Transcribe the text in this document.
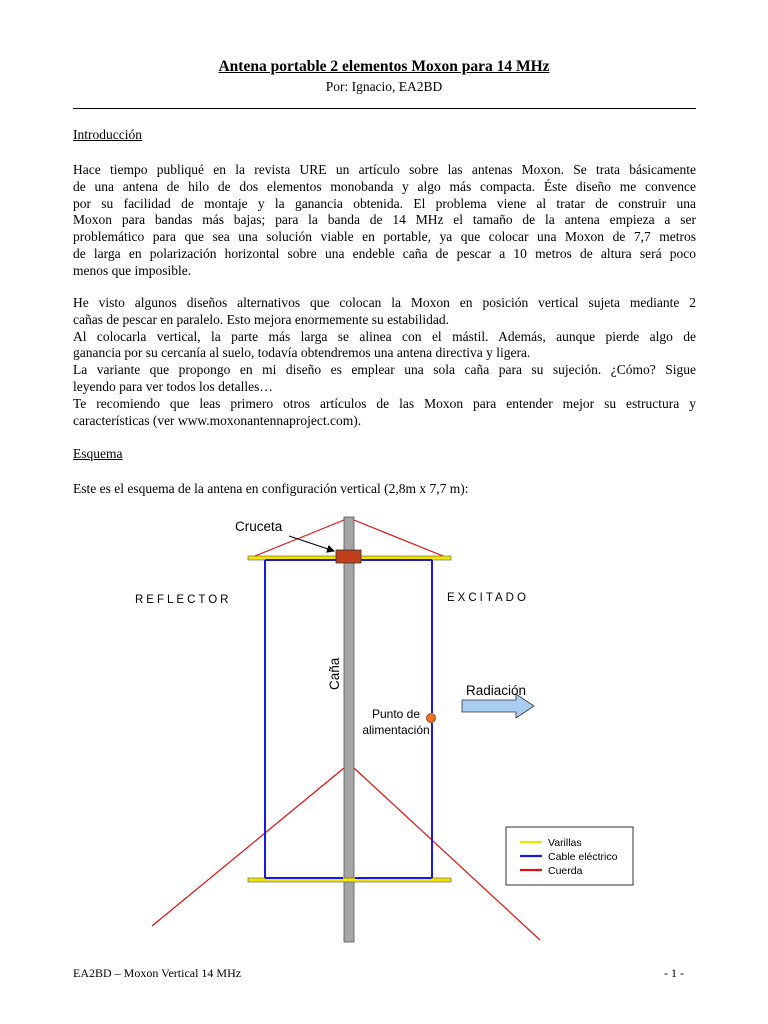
Antena portable 2 elementos Moxon para 14 MHz
Por: Ignacio, EA2BD
Introducción
Hace tiempo publiqué en la revista URE un artículo sobre las antenas Moxon. Se trata básicamente
de una antena de hilo de dos elementos monobanda y algo más compacta. Éste diseño me convence
por su facilidad de montaje y la ganancia obtenida. El problema viene al tratar de construir una
Moxon para bandas más bajas; para la banda de 14 MHz el tamaño de la antena empieza a ser
problemático para que sea una solución viable en portable, ya que colocar una Moxon de 7,7 metros
de larga en polarización horizontal sobre una endeble caña de pescar a 10 metros de altura será poco
menos que imposible.
He visto algunos diseños alternativos que colocan la Moxon en posición vertical sujeta mediante 2
cañas de pescar en paralelo. Esto mejora enormemente su estabilidad.
Al colocarla vertical, la parte más larga se alinea con el mástil. Además, aunque pierde algo de
ganancia por su cercanía al suelo, todavía obtendremos una antena directiva y ligera.
La variante que propongo en mi diseño es emplear una sola caña para su sujeción. ¿Cómo? Sigue
leyendo para ver todos los detalles…
Te recomiendo que leas primero otros artículos de las Moxon para entender mejor su estructura y
características (ver www.moxonantennaproject.com).
Esquema
Este es el esquema de la antena en configuración vertical (2,8m x 7,7 m):
Cruceta
REFLECTOR	EXCITADO
Caña
Radiación
Punto de
alimentación
Varillas
Cable eléctrico
Cuerda
EA2BD – Moxon Vertical 14 MHz	- 1 -
